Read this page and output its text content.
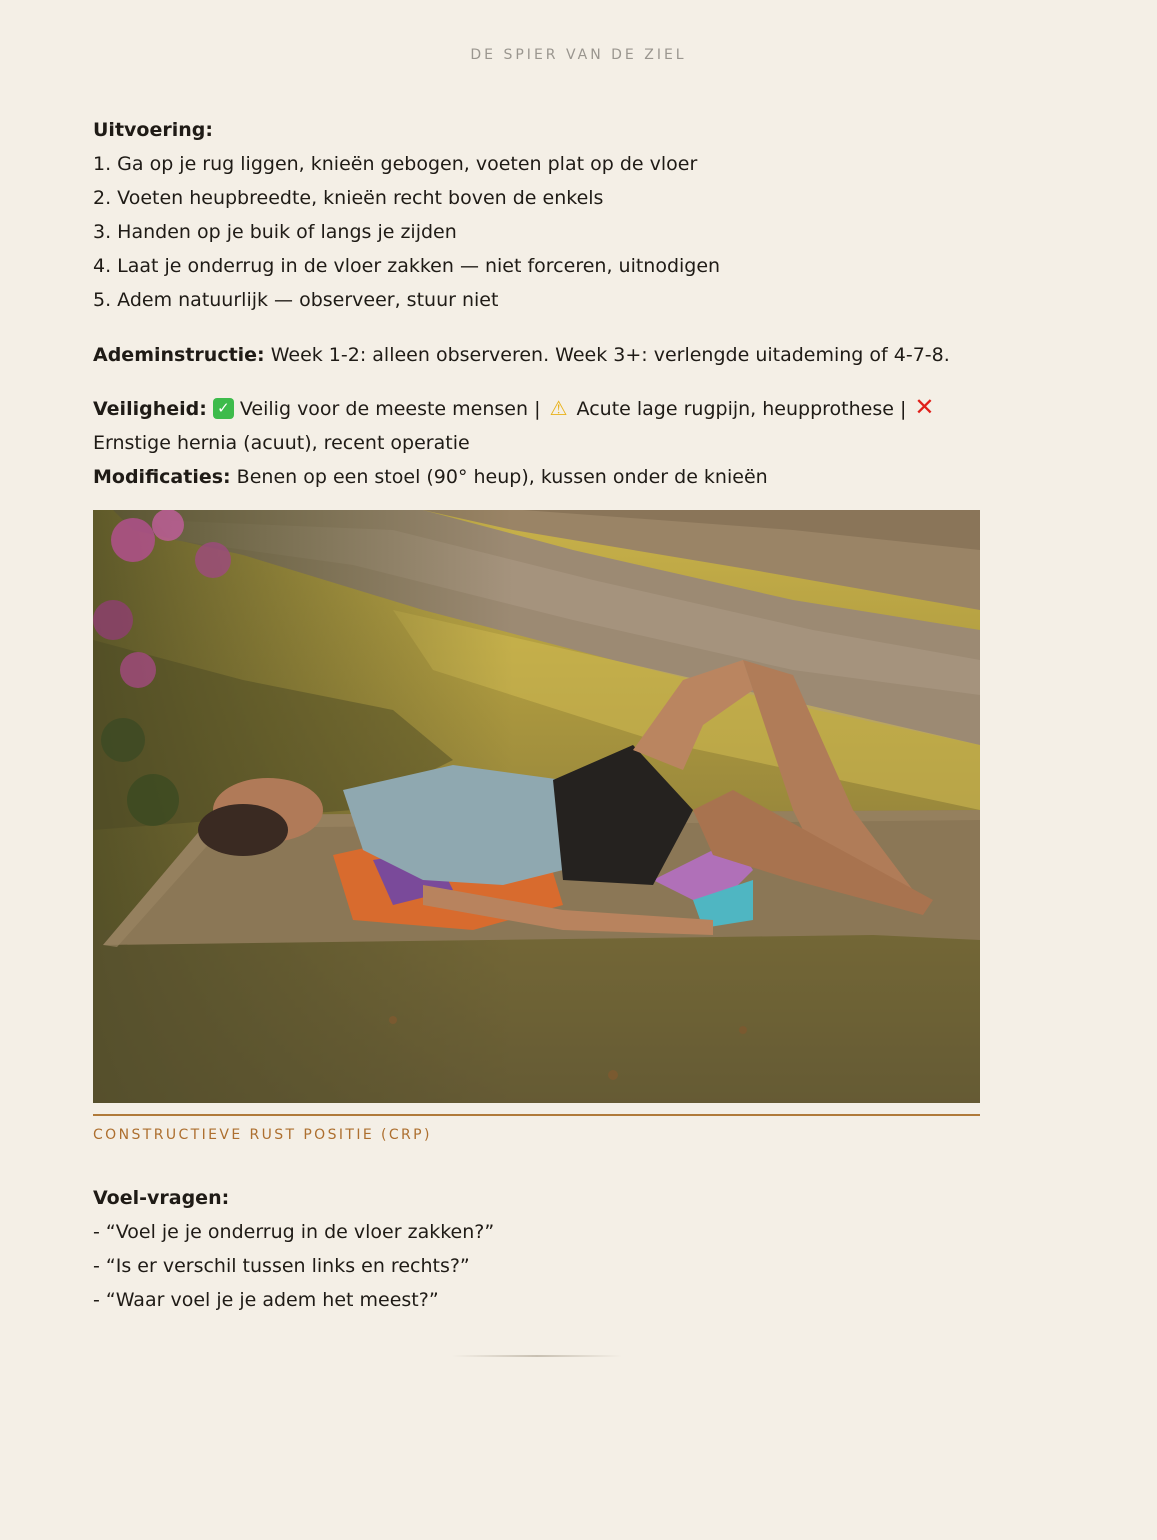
DE SPIER VAN DE ZIEL

Uitvoering:

1. Ga op je rug liggen, knieën gebogen, voeten plat op de vloer
2. Voeten heupbreedte, knieën recht boven de enkels
3. Handen op je buik of langs je zijden
4. Laat je onderrug in de vloer zakken — niet forceren, uitnodigen
5. Adem natuurlijk — observeer, stuur niet

Ademinstructie: Week 1-2: alleen observeren. Week 3+: verlengde uitademing of 4-7-8.

Veiligheid: ✓ Veilig voor de meeste mensen | ⚠ Acute lage rugpijn, heupprothese | ✕
Ernstige hernia (acuut), recent operatie

Modificaties: Benen op een stoel (90° heup), kussen onder de knieën

CONSTRUCTIEVE RUST POSITIE (CRP)

Voel-vragen:

- “Voel je je onderrug in de vloer zakken?”
- “Is er verschil tussen links en rechts?”
- “Waar voel je je adem het meest?”
